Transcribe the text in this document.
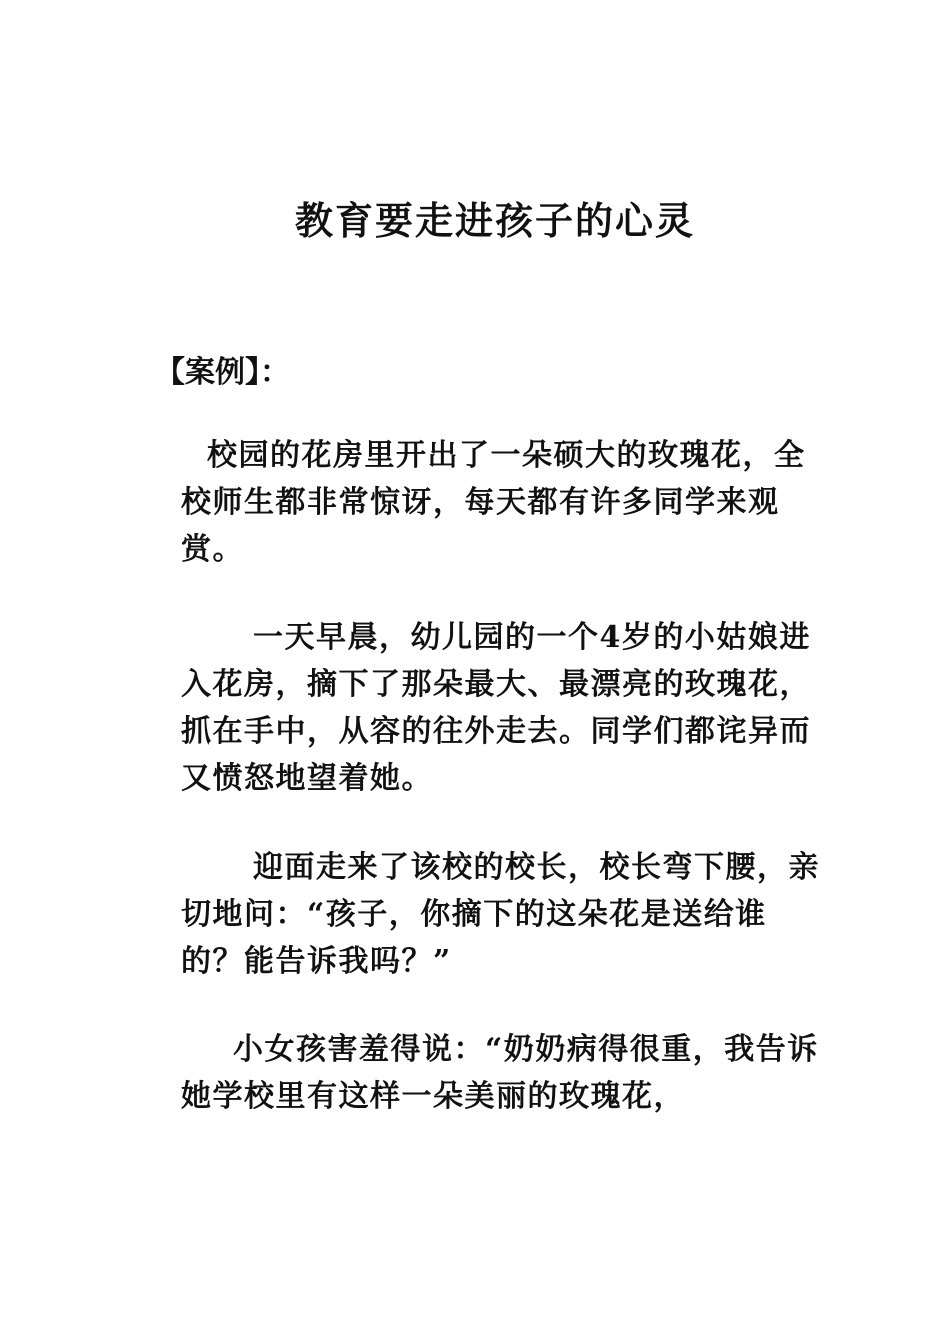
教育要走进孩子的心灵
【案例】：

校园的花房里开出了一朵硕大的玫瑰花，全校师生都非常惊讶，每天都有许多同学来观赏。

一天早晨，幼儿园的一个4岁的小姑娘进入花房，摘下了那朵最大、最漂亮的玫瑰花，抓在手中，从容的往外走去。同学们都诧异而又愤怒地望着她。

迎面走来了该校的校长，校长弯下腰，亲切地问：“孩子，你摘下的这朵花是送给谁的？能告诉我吗？”

小女孩害羞得说：“奶奶病得很重，我告诉她学校里有这样一朵美丽的玫瑰花，
